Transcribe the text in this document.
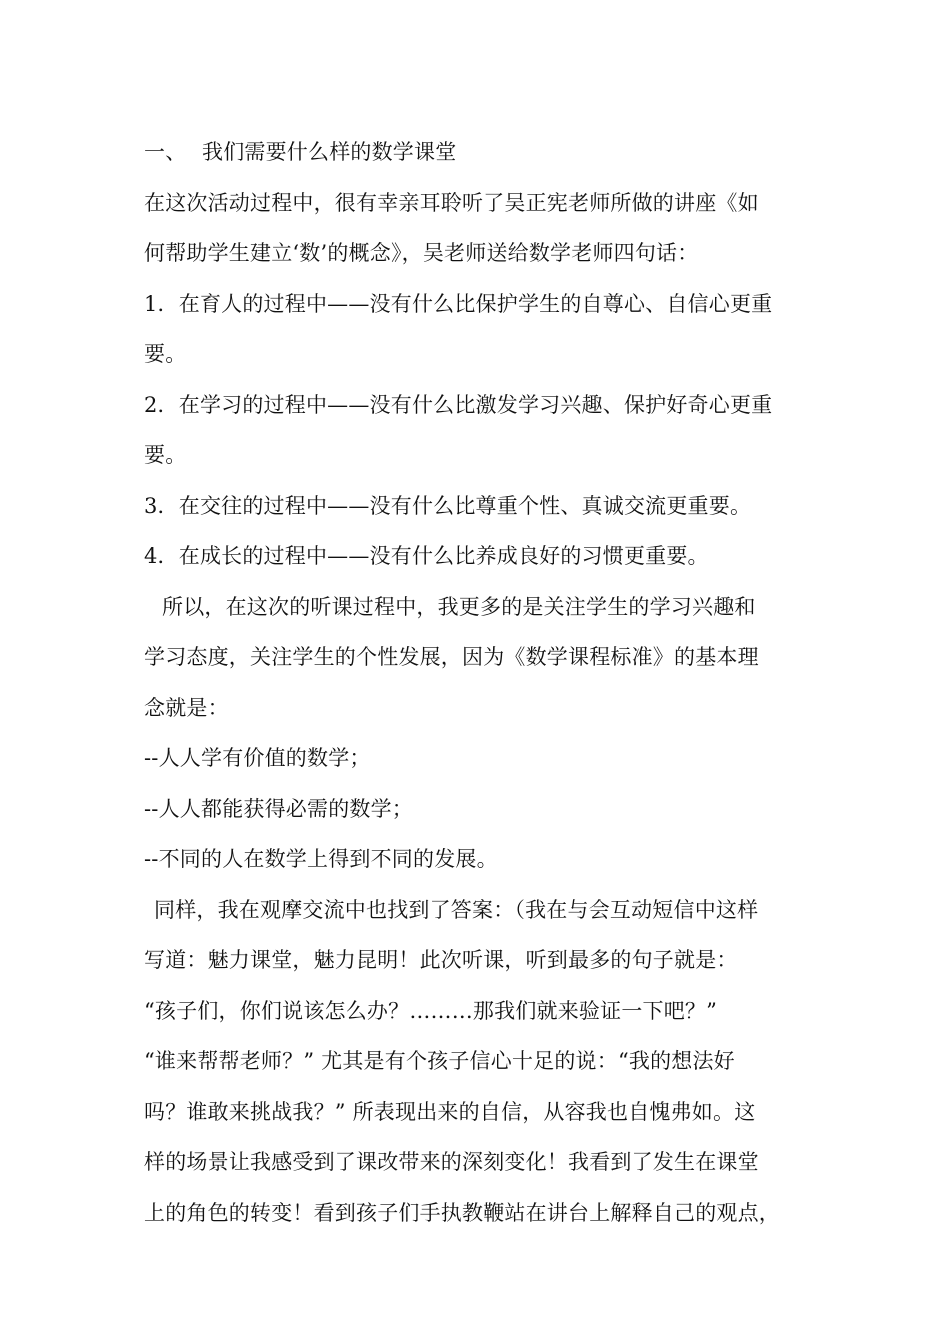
一、 我们需要什么样的数学课堂
在这次活动过程中，很有幸亲耳聆听了吴正宪老师所做的讲座《如
何帮助学生建立‘数’的概念》，吴老师送给数学老师四句话：
1．在育人的过程中——没有什么比保护学生的自尊心、自信心更重
要。
2．在学习的过程中——没有什么比激发学习兴趣、保护好奇心更重
要。
3．在交往的过程中——没有什么比尊重个性、真诚交流更重要。
4．在成长的过程中——没有什么比养成良好的习惯更重要。
所以，在这次的听课过程中，我更多的是关注学生的学习兴趣和
学习态度，关注学生的个性发展，因为《数学课程标准》的基本理
念就是：
--人人学有价值的数学；
--人人都能获得必需的数学；
--不同的人在数学上得到不同的发展。
同样，我在观摩交流中也找到了答案：（我在与会互动短信中这样
写道：魅力课堂，魅力昆明！此次听课，听到最多的句子就是：
“孩子们，你们说该怎么办？………那我们就来验证一下吧？”
“谁来帮帮老师？” 尤其是有个孩子信心十足的说：“我的想法好
吗？谁敢来挑战我？” 所表现出来的自信，从容我也自愧弗如。这
样的场景让我感受到了课改带来的深刻变化！我看到了发生在课堂
上的角色的转变！看到孩子们手执教鞭站在讲台上解释自己的观点，
